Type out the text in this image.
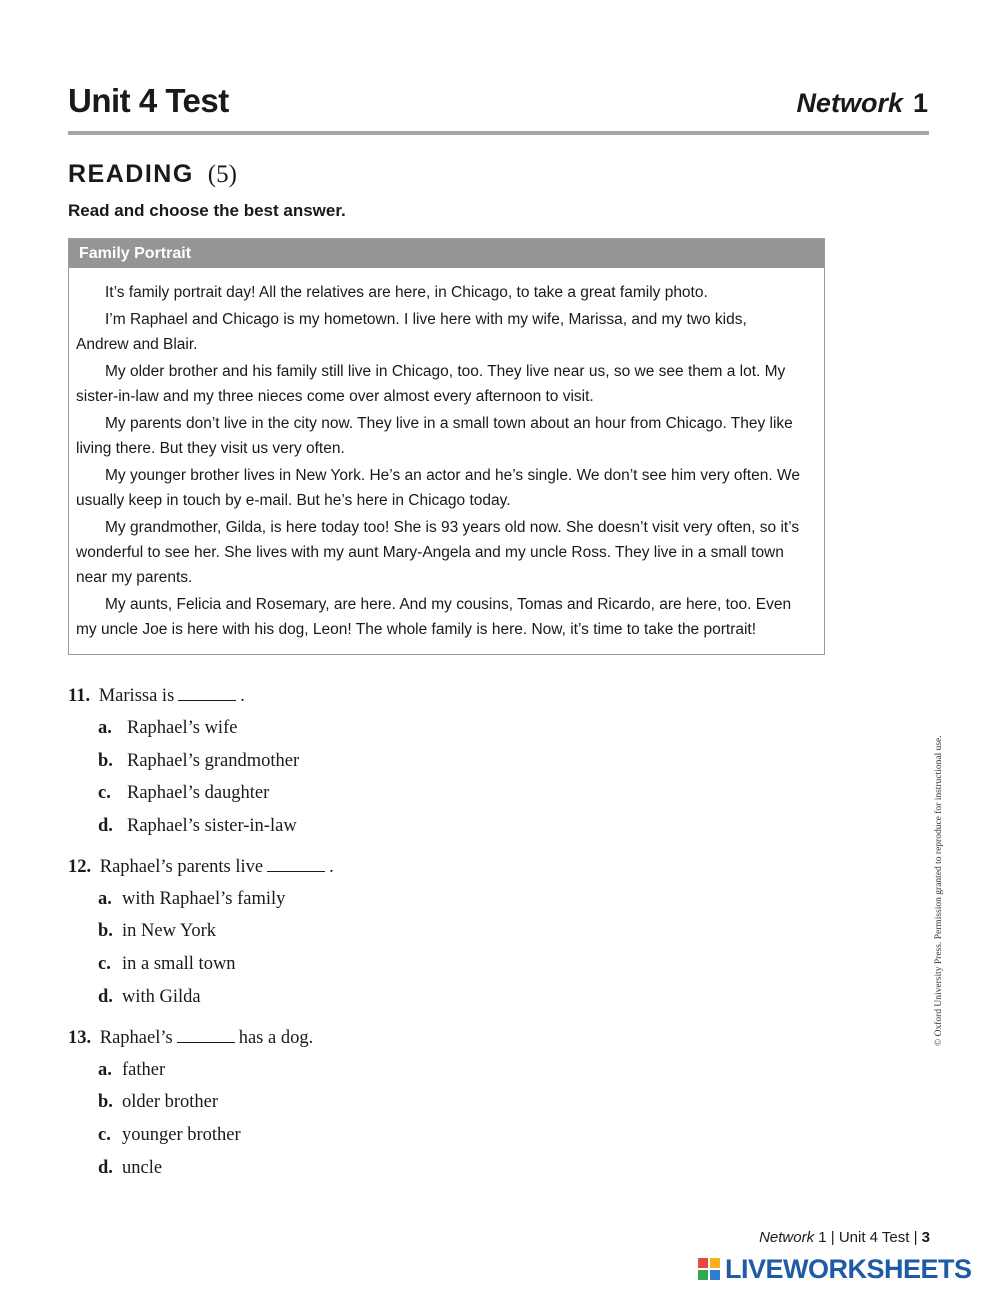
Unit 4 Test	Network 1
READING (5)
Read and choose the best answer.
Family Portrait

It’s family portrait day! All the relatives are here, in Chicago, to take a great family photo.

I’m Raphael and Chicago is my hometown. I live here with my wife, Marissa, and my two kids, Andrew and Blair.

My older brother and his family still live in Chicago, too. They live near us, so we see them a lot. My sister-in-law and my three nieces come over almost every afternoon to visit.

My parents don’t live in the city now. They live in a small town about an hour from Chicago. They like living there. But they visit us very often.

My younger brother lives in New York. He’s an actor and he’s single. We don’t see him very often. We usually keep in touch by e-mail. But he’s here in Chicago today.

My grandmother, Gilda, is here today too! She is 93 years old now. She doesn’t visit very often, so it’s wonderful to see her. She lives with my aunt Mary-Angela and my uncle Ross. They live in a small town near my parents.

My aunts, Felicia and Rosemary, are here. And my cousins, Tomas and Ricardo, are here, too. Even my uncle Joe is here with his dog, Leon! The whole family is here. Now, it’s time to take the portrait!

11. Marissa is	.
a. Raphael’s wife
b. Raphael’s grandmother
c. Raphael’s daughter
d. Raphael’s sister-in-law
12. Raphael’s parents live	.
a. with Raphael’s family
b. in New York
c. in a small town
d. with Gilda
13. Raphael’s	has a dog.
a. father
b. older brother
c. younger brother
d. uncle
© Oxford University Press. Permission granted to reproduce for instructional use.
Network 1 | Unit 4 Test | 3
LIVEWORKSHEETS
